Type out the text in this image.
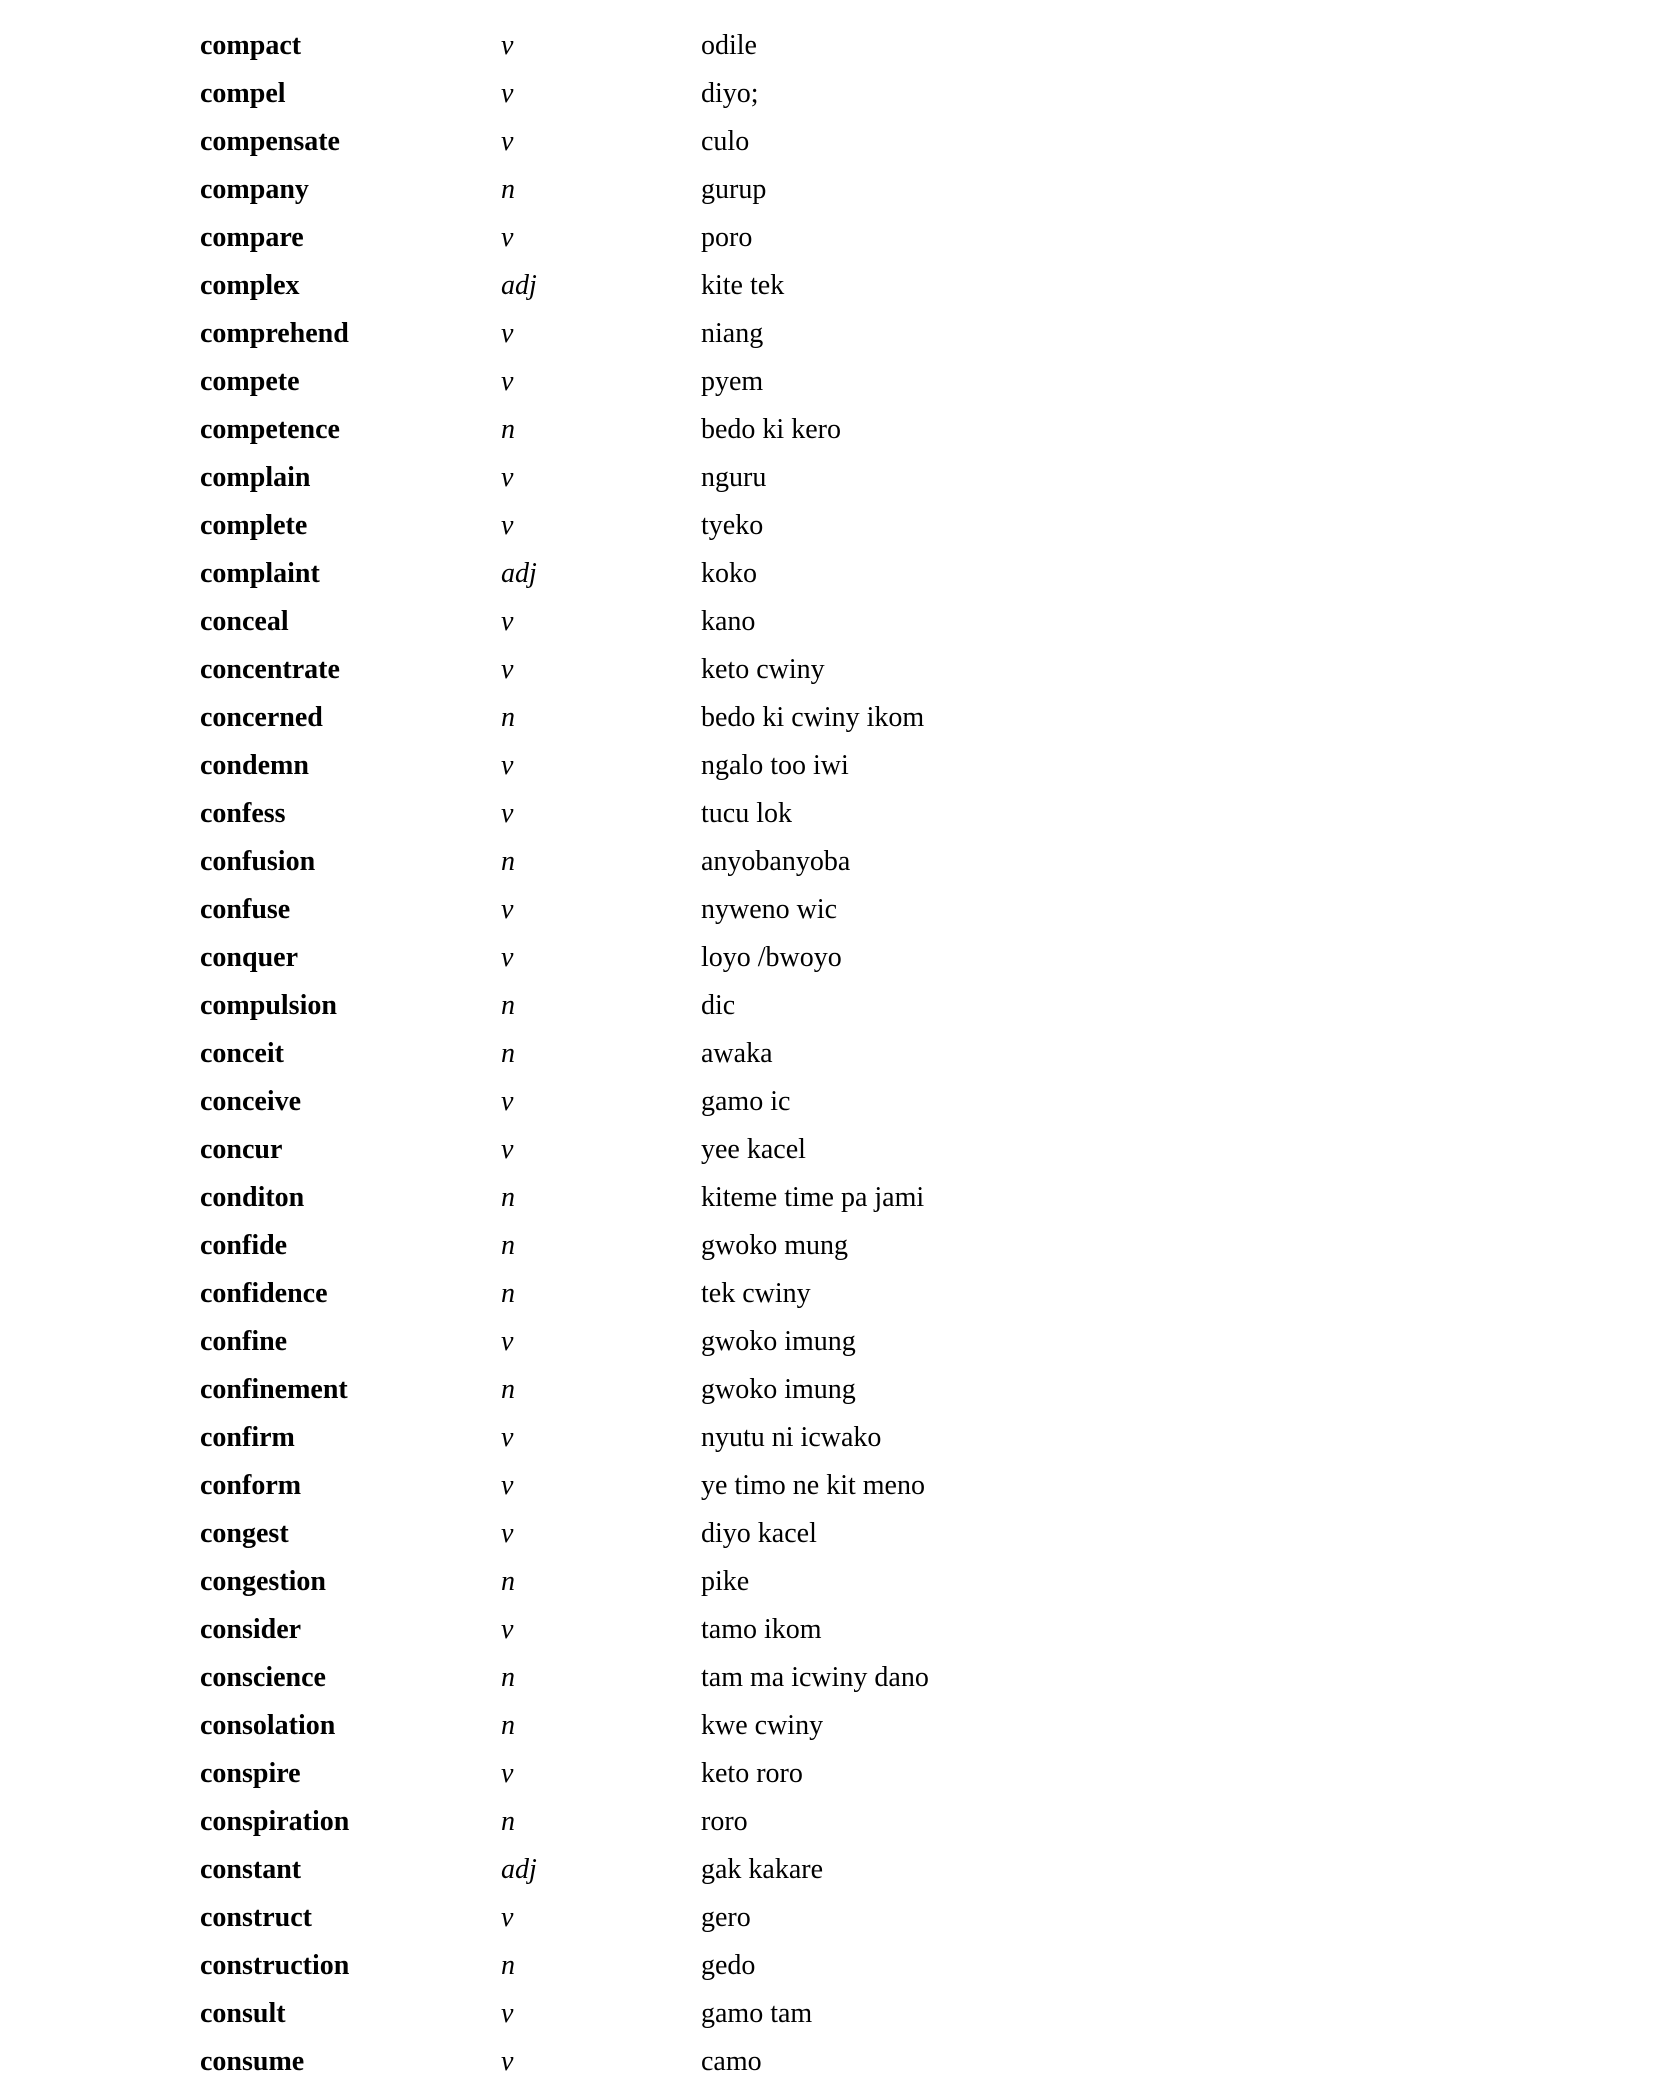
compact	v	odile
compel	v	diyo;
compensate	v	culo
company	n	gurup
compare	v	poro
complex	adj	kite tek
comprehend	v	niang
compete	v	pyem
competence	n	bedo ki kero
complain	v	nguru
complete	v	tyeko
complaint	adj	koko
conceal	v	kano
concentrate	v	keto cwiny
concerned	n	bedo ki cwiny ikom
condemn	v	ngalo too iwi
confess	v	tucu lok
confusion	n	anyobanyoba
confuse	v	nyweno wic
conquer	v	loyo /bwoyo
compulsion	n	dic
conceit	n	awaka
conceive	v	gamo ic
concur	v	yee kacel
conditon	n	kiteme time pa jami
confide	n	gwoko mung
confidence	n	tek cwiny
confine	v	gwoko imung
confinement	n	gwoko imung
confirm	v	nyutu ni icwako
conform	v	ye timo ne kit meno
congest	v	diyo kacel
congestion	n	pike
consider	v	tamo ikom
conscience	n	tam ma icwiny dano
consolation	n	kwe cwiny
conspire	v	keto roro
conspiration	n	roro
constant	adj	gak kakare
construct	v	gero
construction	n	gedo
consult	v	gamo tam
consume	v	camo
